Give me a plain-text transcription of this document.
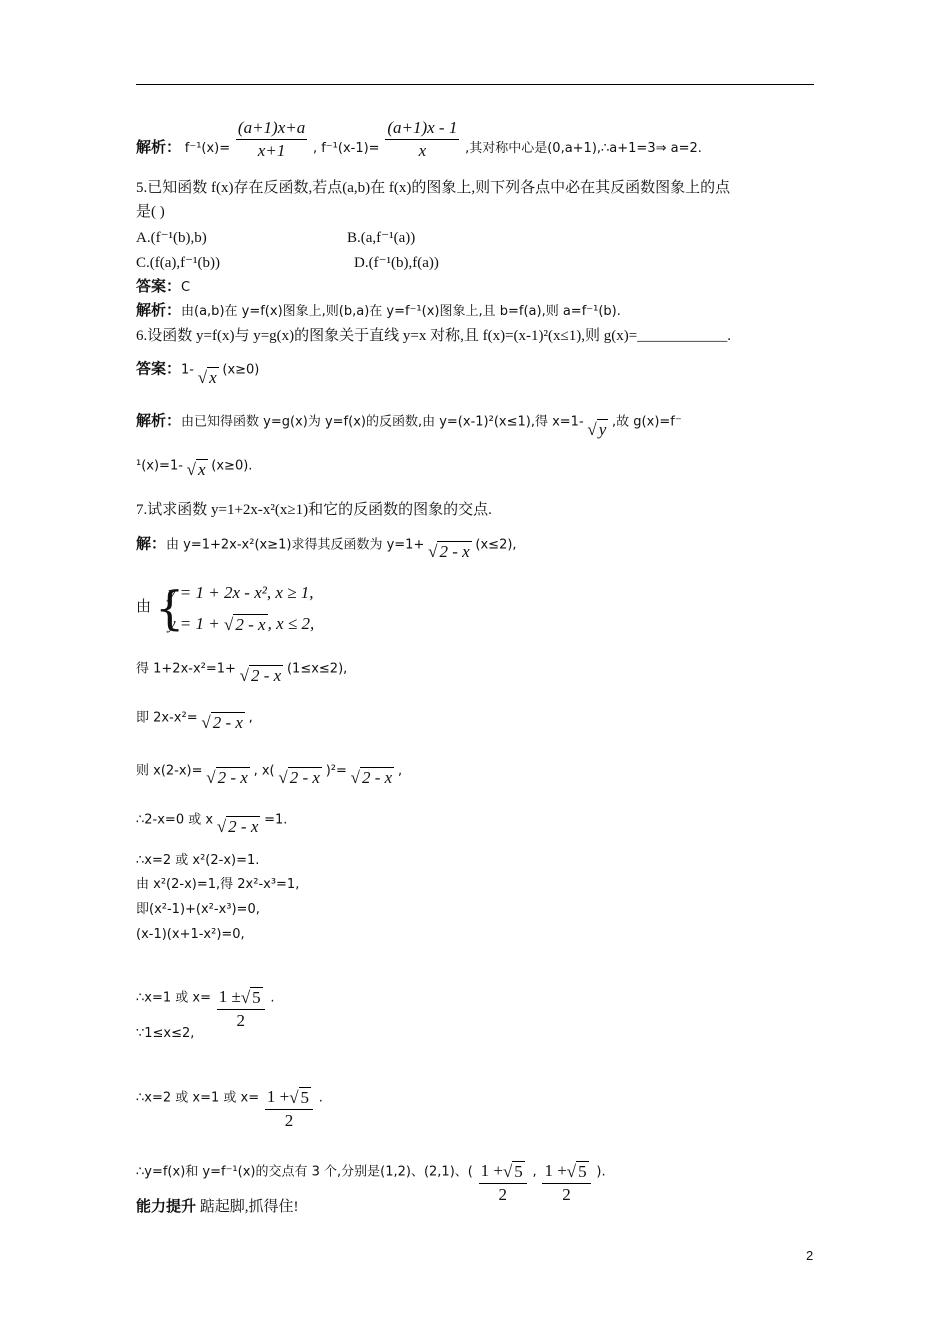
解析： $f^{-1}(x)= \frac{(a+1)x+a}{x+1}$ , $f^{-1}(x-1)= \frac{(a+1)x - 1}{x}$ ,其对称中心是(0,a+1),∴a+1=3⇒ a=2.
5.已知函数 f(x)存在反函数,若点(a,b)在 f(x)的图象上,则下列各点中必在其反函数图象上的点
是( )
A.(f⁻¹(b),b)	B.(a,f⁻¹(a))
C.(f(a),f⁻¹(b))	D.(f⁻¹(b),f(a))
答案：C
解析：由(a,b)在 y=f(x)图象上,则(b,a)在 y=f⁻¹(x)图象上,且 b=f(a),则 a=f⁻¹(b).
6.设函数 y=f(x)与 y=g(x)的图象关于直线 y=x 对称,且 f(x)=(x-1)²(x≤1),则 g(x)=____________.
答案：1- √ x (x≥0)
解析：由已知得函数 y=g(x)为 y=f(x)的反函数,由 y=(x-1)²(x≤1),得 x=1- √ y ,故 g(x)=f⁻
¹(x)=1- √ x (x≥0).
7.试求函数 y=1+2x-x²(x≥1)和它的反函数的图象的交点.
解：由 y=1+2x-x²(x≥1)求得其反函数为 y=1+ √ 2 - x (x≤2),
由 {
y = 1 + 2x - x², x ≥ 1,
y = 1 + √ 2 - x , x ≤ 2,
得 1+2x-x²=1+ √ 2 - x (1≤x≤2),
即 2x-x²= √ 2 - x ,
则 x(2-x)= √ 2 - x , x( √ 2 - x )²= √ 2 - x ,
∴2-x=0 或 x √ 2 - x =1.
∴x=2 或 x²(2-x)=1.
由 x²(2-x)=1,得 2x²-x³=1,
即(x²-1)+(x²-x³)=0,
(x-1)(x+1-x²)=0,
∴x=1 或 $x= \frac{1 \pm√ 5}{2}$ .
∵1≤x≤2,
∴x=2 或 x=1 或 $x= \frac{1 +√ 5}{2}$ .
∴y=f(x)和 y=f⁻¹(x)的交点有 3 个,分别是(1,2)、(2,1)、( $\frac{1 +√ 5}{2}$ , $\frac{1 +√ 5}{2}$ ).
能力提升 踮起脚,抓得住!
2
